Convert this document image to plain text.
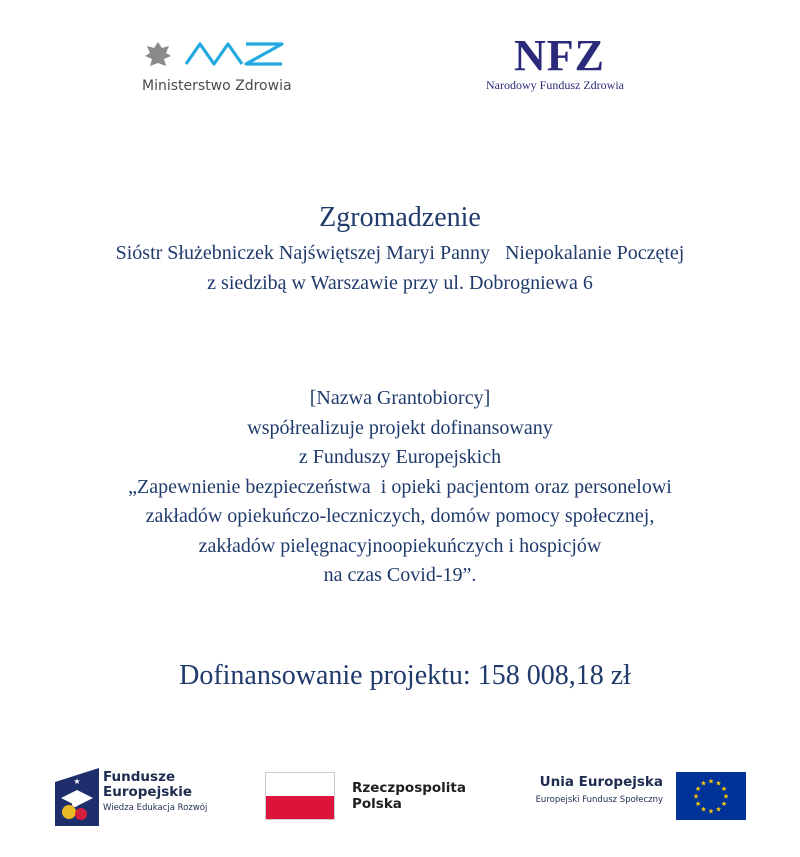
Ministerstwo Zdrowia
NFZ
Narodowy Fundusz Zdrowia
Zgromadzenie
Sióstr Służebniczek Najświętszej Maryi Panny   Niepokalanie Poczętej
z siedzibą w Warszawie przy ul. Dobrogniewa 6
[Nazwa Grantobiorcy]
współrealizuje projekt dofinansowany
z Funduszy Europejskich
„Zapewnienie bezpieczeństwa  i opieki pacjentom oraz personelowi
zakładów opiekuńczo-leczniczych, domów pomocy społecznej,
zakładów pielęgnacyjnoopiekuńczych i hospicjów
na czas Covid-19”.
Dofinansowanie projektu: 158 008,18 zł
★ Fundusze
Europejskie
Wiedza Edukacja Rozwój
Rzeczpospolita
Polska
Unia Europejska
Europejski Fundusz Społeczny
★ ★
★
★
★
★
★
★
★
★
★
★
